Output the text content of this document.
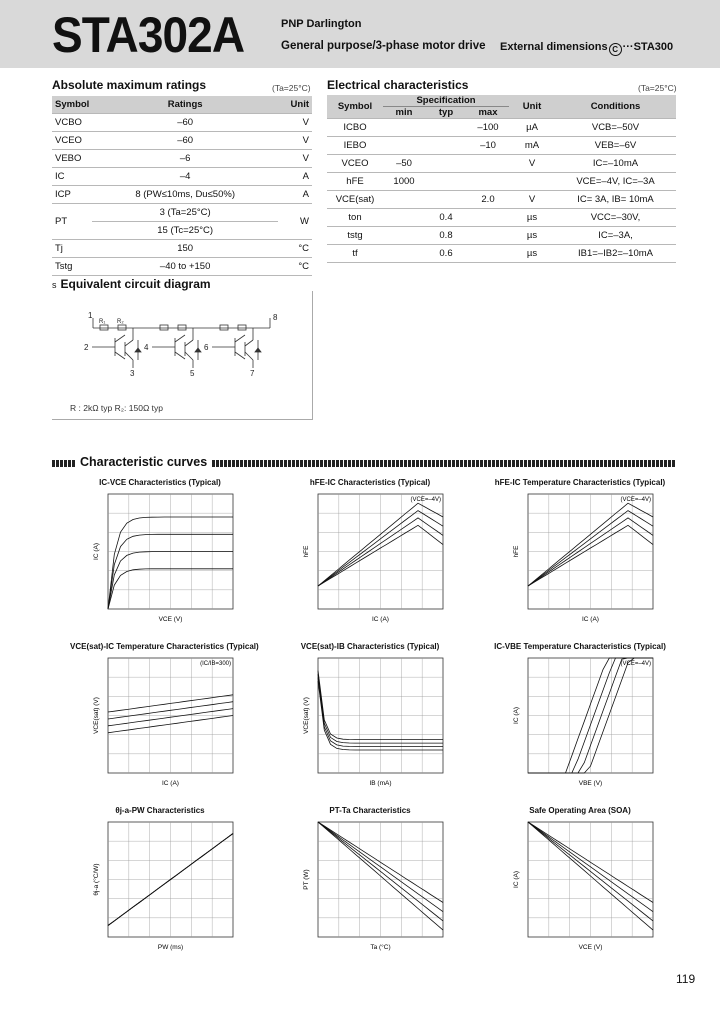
STA302A	PNP Darlington
General purpose/3-phase motor drive External dimensions C ···STA300
Absolute maximum ratings	(Ta=25°C)
Symbol	Ratings	Unit
VCBO	–60	V
VCEO	–60	V
VEBO	–6	V
IC	–4	A
ICP	8 (PW≤10ms, Du≤50%)	A
PT	3 (Ta=25°C)	W
	15 (Tc=25°C)	
Tj	150	°C
Tstg	–40 to +150	°C
Electrical characteristics	(Ta=25°C)
Symbol	Specification			Unit	Conditions
	min	typ	max		
ICBO			–100	µA	VCB=–50V
IEBO			–10	mA	VEB=–6V
VCEO	–50			V	IC=–10mA
hFE	1000				VCE=–4V, IC=–3A
VCE(sat)			2.0	V	IC= 3A, IB= 10mA
ton		0.4		µs	VCC=–30V,
tstg		0.8		µs	IC=–3A,
tf		0.6		µs	IB1=–IB2=–10mA
s Equivalent circuit diagram
1
2
3
4
5
6
7
8
R₁ R₂
R : 2kΩ typ R₂: 150Ω typ
Characteristic curves
IC-VCE Characteristics (Typical)
VCE (V)
IC (A)
hFE-IC Characteristics (Typical)
IC (A)
hFE
(VCE=–4V)
hFE-IC Temperature Characteristics (Typical)
IC (A)
hFE
(VCE=–4V)
VCE(sat)-IC Temperature Characteristics (Typical)
IC (A)
VCE(sat) (V)
(IC/IB=300)
VCE(sat)-IB Characteristics (Typical)
IB (mA)
VCE(sat) (V)
IC-VBE Temperature Characteristics (Typical)
VBE (V)
IC (A)
(VCE=–4V)
θj-a-PW Characteristics
PW (ms)
θj-a (°C/W)
PT-Ta Characteristics
Ta (°C)
PT (W)
Safe Operating Area (SOA)
VCE (V)
IC (A)
119
